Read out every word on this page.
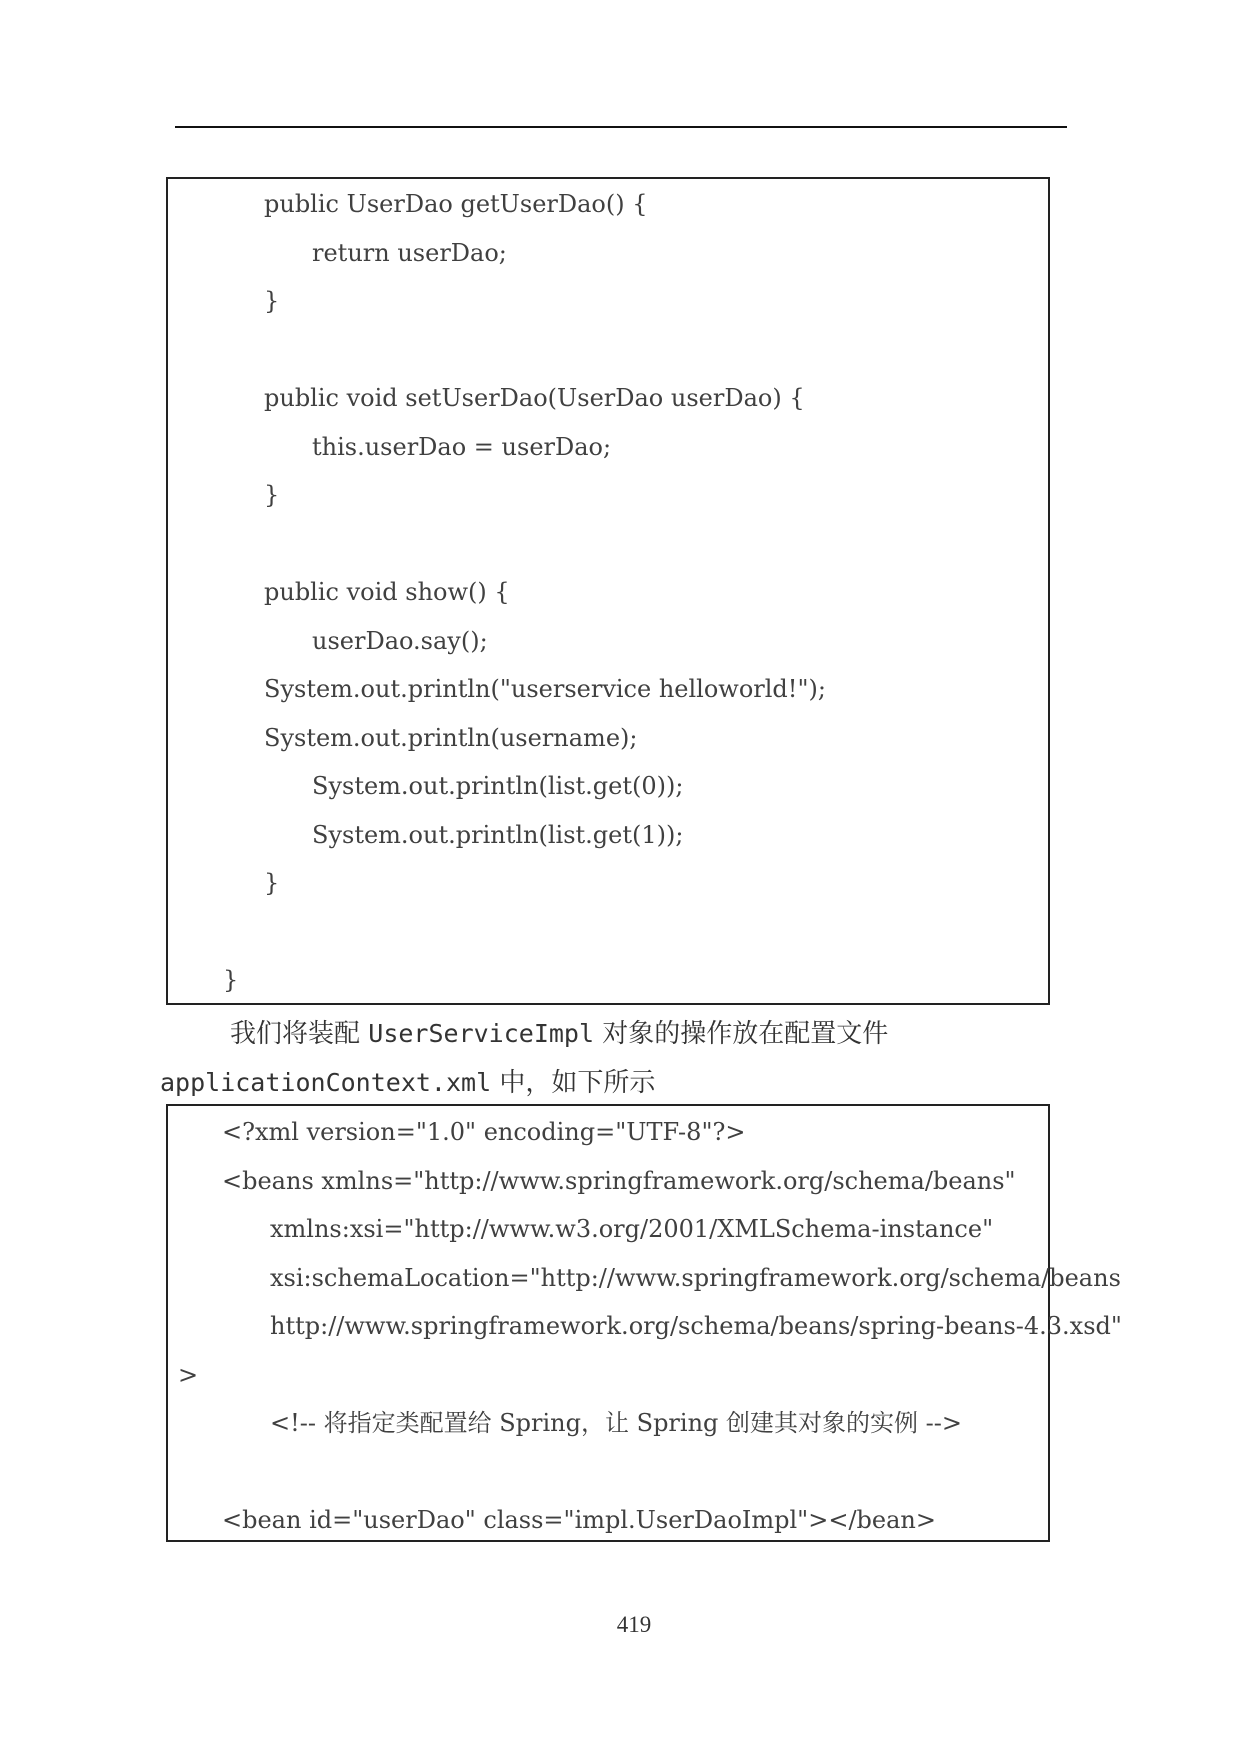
public UserDao getUserDao() {
return userDao;
}
public void setUserDao(UserDao userDao) {
this.userDao = userDao;
}
public void show() {
userDao.say();
System.out.println("userservice helloworld!");
System.out.println(username);
System.out.println(list.get(0));
System.out.println(list.get(1));
}
}
我们将装配 UserServiceImpl 对象的操作放在配置文件
applicationContext.xml 中，如下所示
<?xml version="1.0" encoding="UTF-8"?>
<beans xmlns="http://www.springframework.org/schema/beans"
xmlns:xsi="http://www.w3.org/2001/XMLSchema-instance"
xsi:schemaLocation="http://www.springframework.org/schema/beans
http://www.springframework.org/schema/beans/spring-beans-4.3.xsd"
>
<!-- 将指定类配置给 Spring，让 Spring 创建其对象的实例 -->
<bean id="userDao" class="impl.UserDaoImpl"></bean>
419
